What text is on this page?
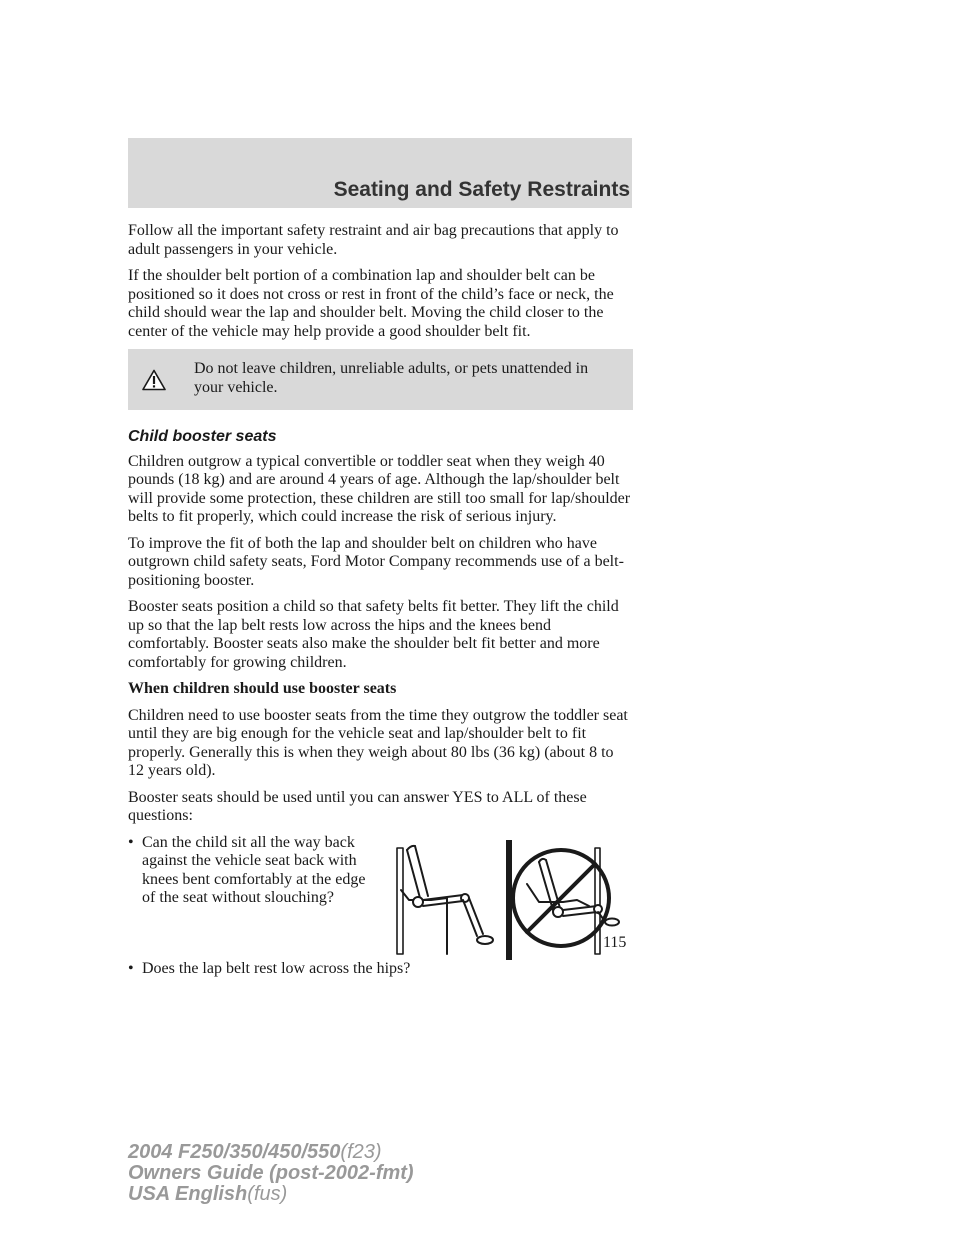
Seating and Safety Restraints

Follow all the important safety restraint and air bag precautions that apply to adult passengers in your vehicle.

If the shoulder belt portion of a combination lap and shoulder belt can be positioned so it does not cross or rest in front of the child’s face or neck, the child should wear the lap and shoulder belt. Moving the child closer to the center of the vehicle may help provide a good shoulder belt fit.

Do not leave children, unreliable adults, or pets unattended in your vehicle.
Child booster seats

Children outgrow a typical convertible or toddler seat when they weigh 40 pounds (18 kg) and are around 4 years of age. Although the lap/shoulder belt will provide some protection, these children are still too small for lap/shoulder belts to fit properly, which could increase the risk of serious injury.

To improve the fit of both the lap and shoulder belt on children who have outgrown child safety seats, Ford Motor Company recommends use of a belt-positioning booster.

Booster seats position a child so that safety belts fit better. They lift the child up so that the lap belt rests low across the hips and the knees bend comfortably. Booster seats also make the shoulder belt fit better and more comfortably for growing children.

When children should use booster seats

Children need to use booster seats from the time they outgrow the toddler seat until they are big enough for the vehicle seat and lap/shoulder belt to fit properly. Generally this is when they weigh about 80 lbs (36 kg) (about 8 to 12 years old).

Booster seats should be used until you can answer YES to ALL of these questions:

• Can the child sit all the way back against the vehicle seat back with knees bent comfortably at the edge of the seat without slouching?
• Does the lap belt rest low across the hips?
115
2004 F250/350/450/550(f23)
Owners Guide (post-2002-fmt)
USA English(fus)
